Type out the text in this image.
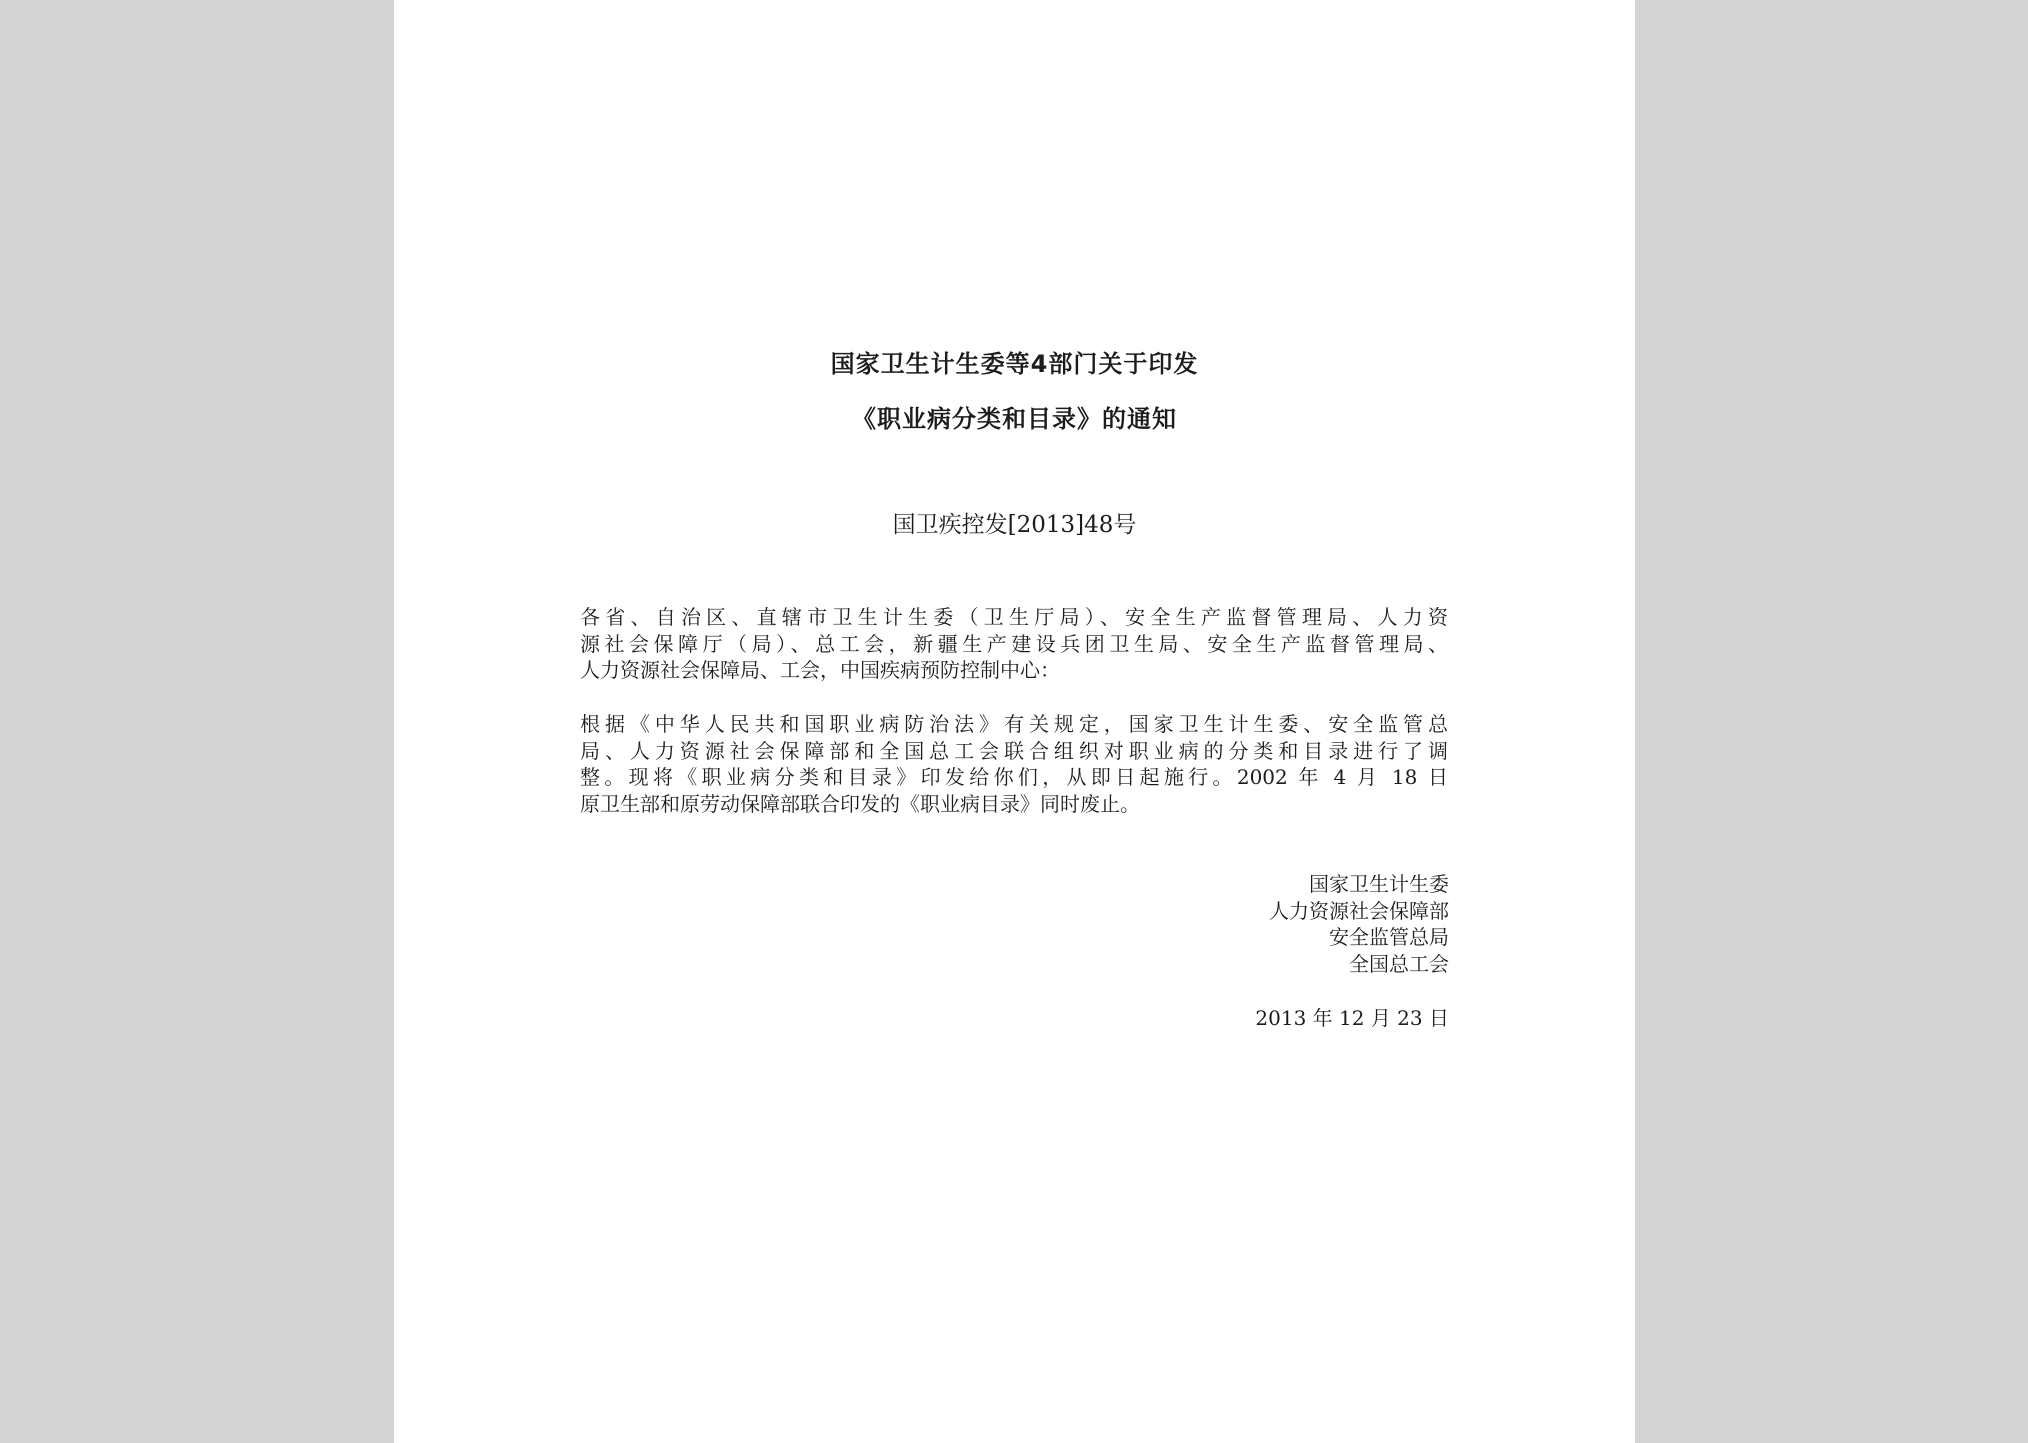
国家卫生计生委等4部门关于印发
《职业病分类和目录》的通知
国卫疾控发[2013]48号
各省、自治区、直辖市卫生计生委（卫生厅局）、安全生产监督管理局、人力资
源社会保障厅（局）、总工会，新疆生产建设兵团卫生局、安全生产监督管理局、
人力资源社会保障局、工会，中国疾病预防控制中心：
根据《中华人民共和国职业病防治法》有关规定，国家卫生计生委、安全监管总
局、人力资源社会保障部和全国总工会联合组织对职业病的分类和目录进行了调
整。现将《职业病分类和目录》印发给你们，从即日起施行。2002 年 4 月 18 日
原卫生部和原劳动保障部联合印发的《职业病目录》同时废止。
国家卫生计生委
人力资源社会保障部
安全监管总局
全国总工会
2013 年 12 月 23 日
